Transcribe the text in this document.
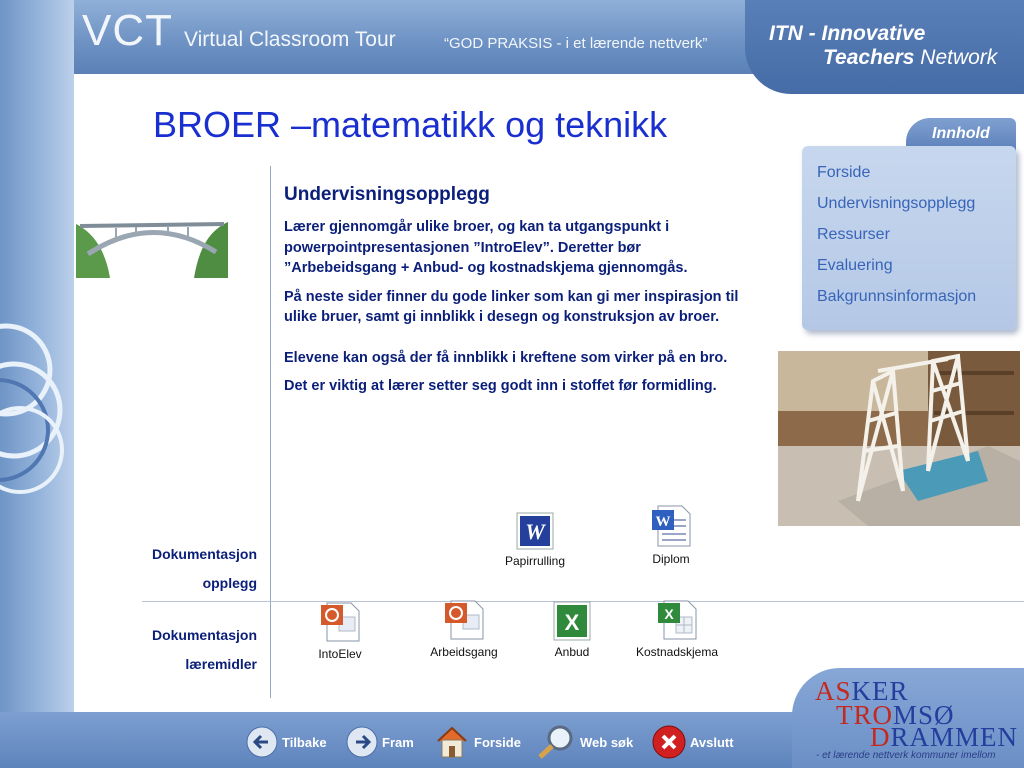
VCT Virtual Classroom Tour	“GOD PRAKSIS - i et lærende nettverk”	ITN - Innovative
Teachers Network
BROER –matematikk og teknikk
Undervisningsopplegg

Lærer gjennomgår ulike broer, og kan ta utgangspunkt i powerpointpresentasjonen ”IntroElev”. Deretter bør ”Arbebeidsgang + Anbud- og kostnadskjema gjennomgås.

På neste sider finner du gode linker som kan gi mer inspirasjon til ulike bruer, samt gi innblikk i desegn og konstruksjon av broer.

Elevene kan også der få innblikk i kreftene som virker på en bro.

Det er viktig at lærer setter seg godt inn i stoffet før formidling.

Dokumentasjon
opplegg
Dokumentasjon
læremidler
W
Papirrulling
W
Diplom
IntoElev	Arbeidsgang
X
Anbud
X
Kostnadskjema
Innhold
Forside
Undervisningsopplegg
Ressurser
Evaluering
Bakgrunnsinformasjon
Tilbake	Fram	Forside	Web søk	Avslutt
ASKER
TROMSØ
DRAMMEN
- et lærende nettverk kommuner imellom
